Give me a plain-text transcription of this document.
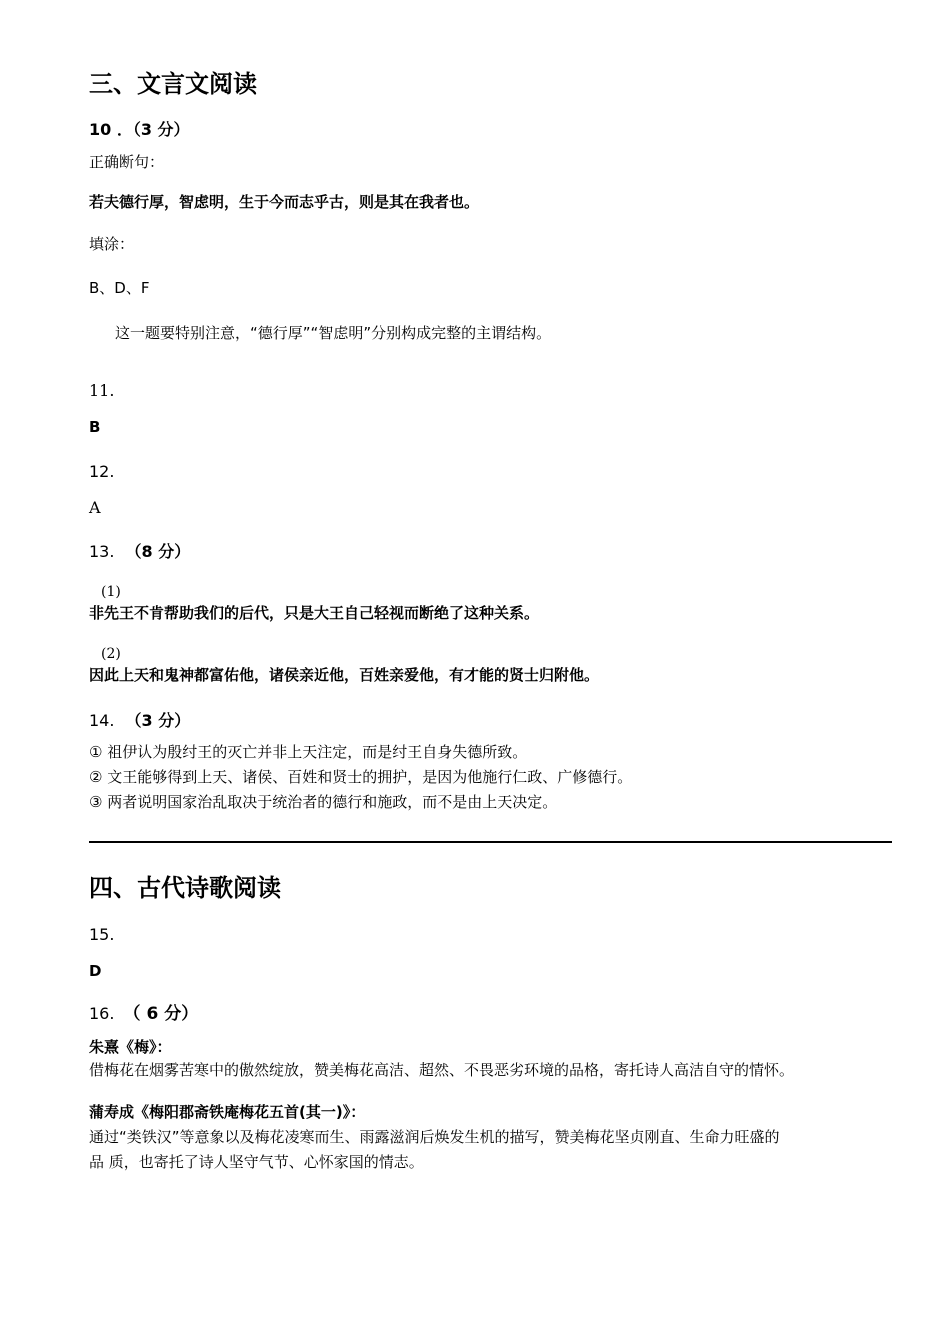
三、文言文阅读
10 ．（3 分）
正确断句：
若夫德行厚，智虑明，生于今而志乎古，则是其在我者也。
填涂：
B、D、F
这一题要特别注意，“德行厚”“智虑明”分别构成完整的主谓结构。
11.
B
12.
A
13. （8 分）
(1)
非先王不肯帮助我们的后代，只是大王自己轻视而断绝了这种关系。
(2)
因此上天和鬼神都富佑他，诸侯亲近他，百姓亲爱他，有才能的贤士归附他。
14. （3 分）
① 祖伊认为殷纣王的灭亡并非上天注定，而是纣王自身失德所致。
② 文王能够得到上天、诸侯、百姓和贤士的拥护，是因为他施行仁政、广修德行。
③ 两者说明国家治乱取决于统治者的德行和施政，而不是由上天决定。
四、古代诗歌阅读
15.
D
16. （ 6 分）
朱熹《梅》：
借梅花在烟雾苦寒中的傲然绽放，赞美梅花高洁、超然、不畏恶劣环境的品格，寄托诗人高洁自守的情怀。
蒲寿成《梅阳郡斋铁庵梅花五首(其一)》：
通过“类铁汉”等意象以及梅花凌寒而生、雨露滋润后焕发生机的描写，赞美梅花坚贞刚直、生命力旺盛的
品 质，也寄托了诗人坚守气节、心怀家国的情志。
